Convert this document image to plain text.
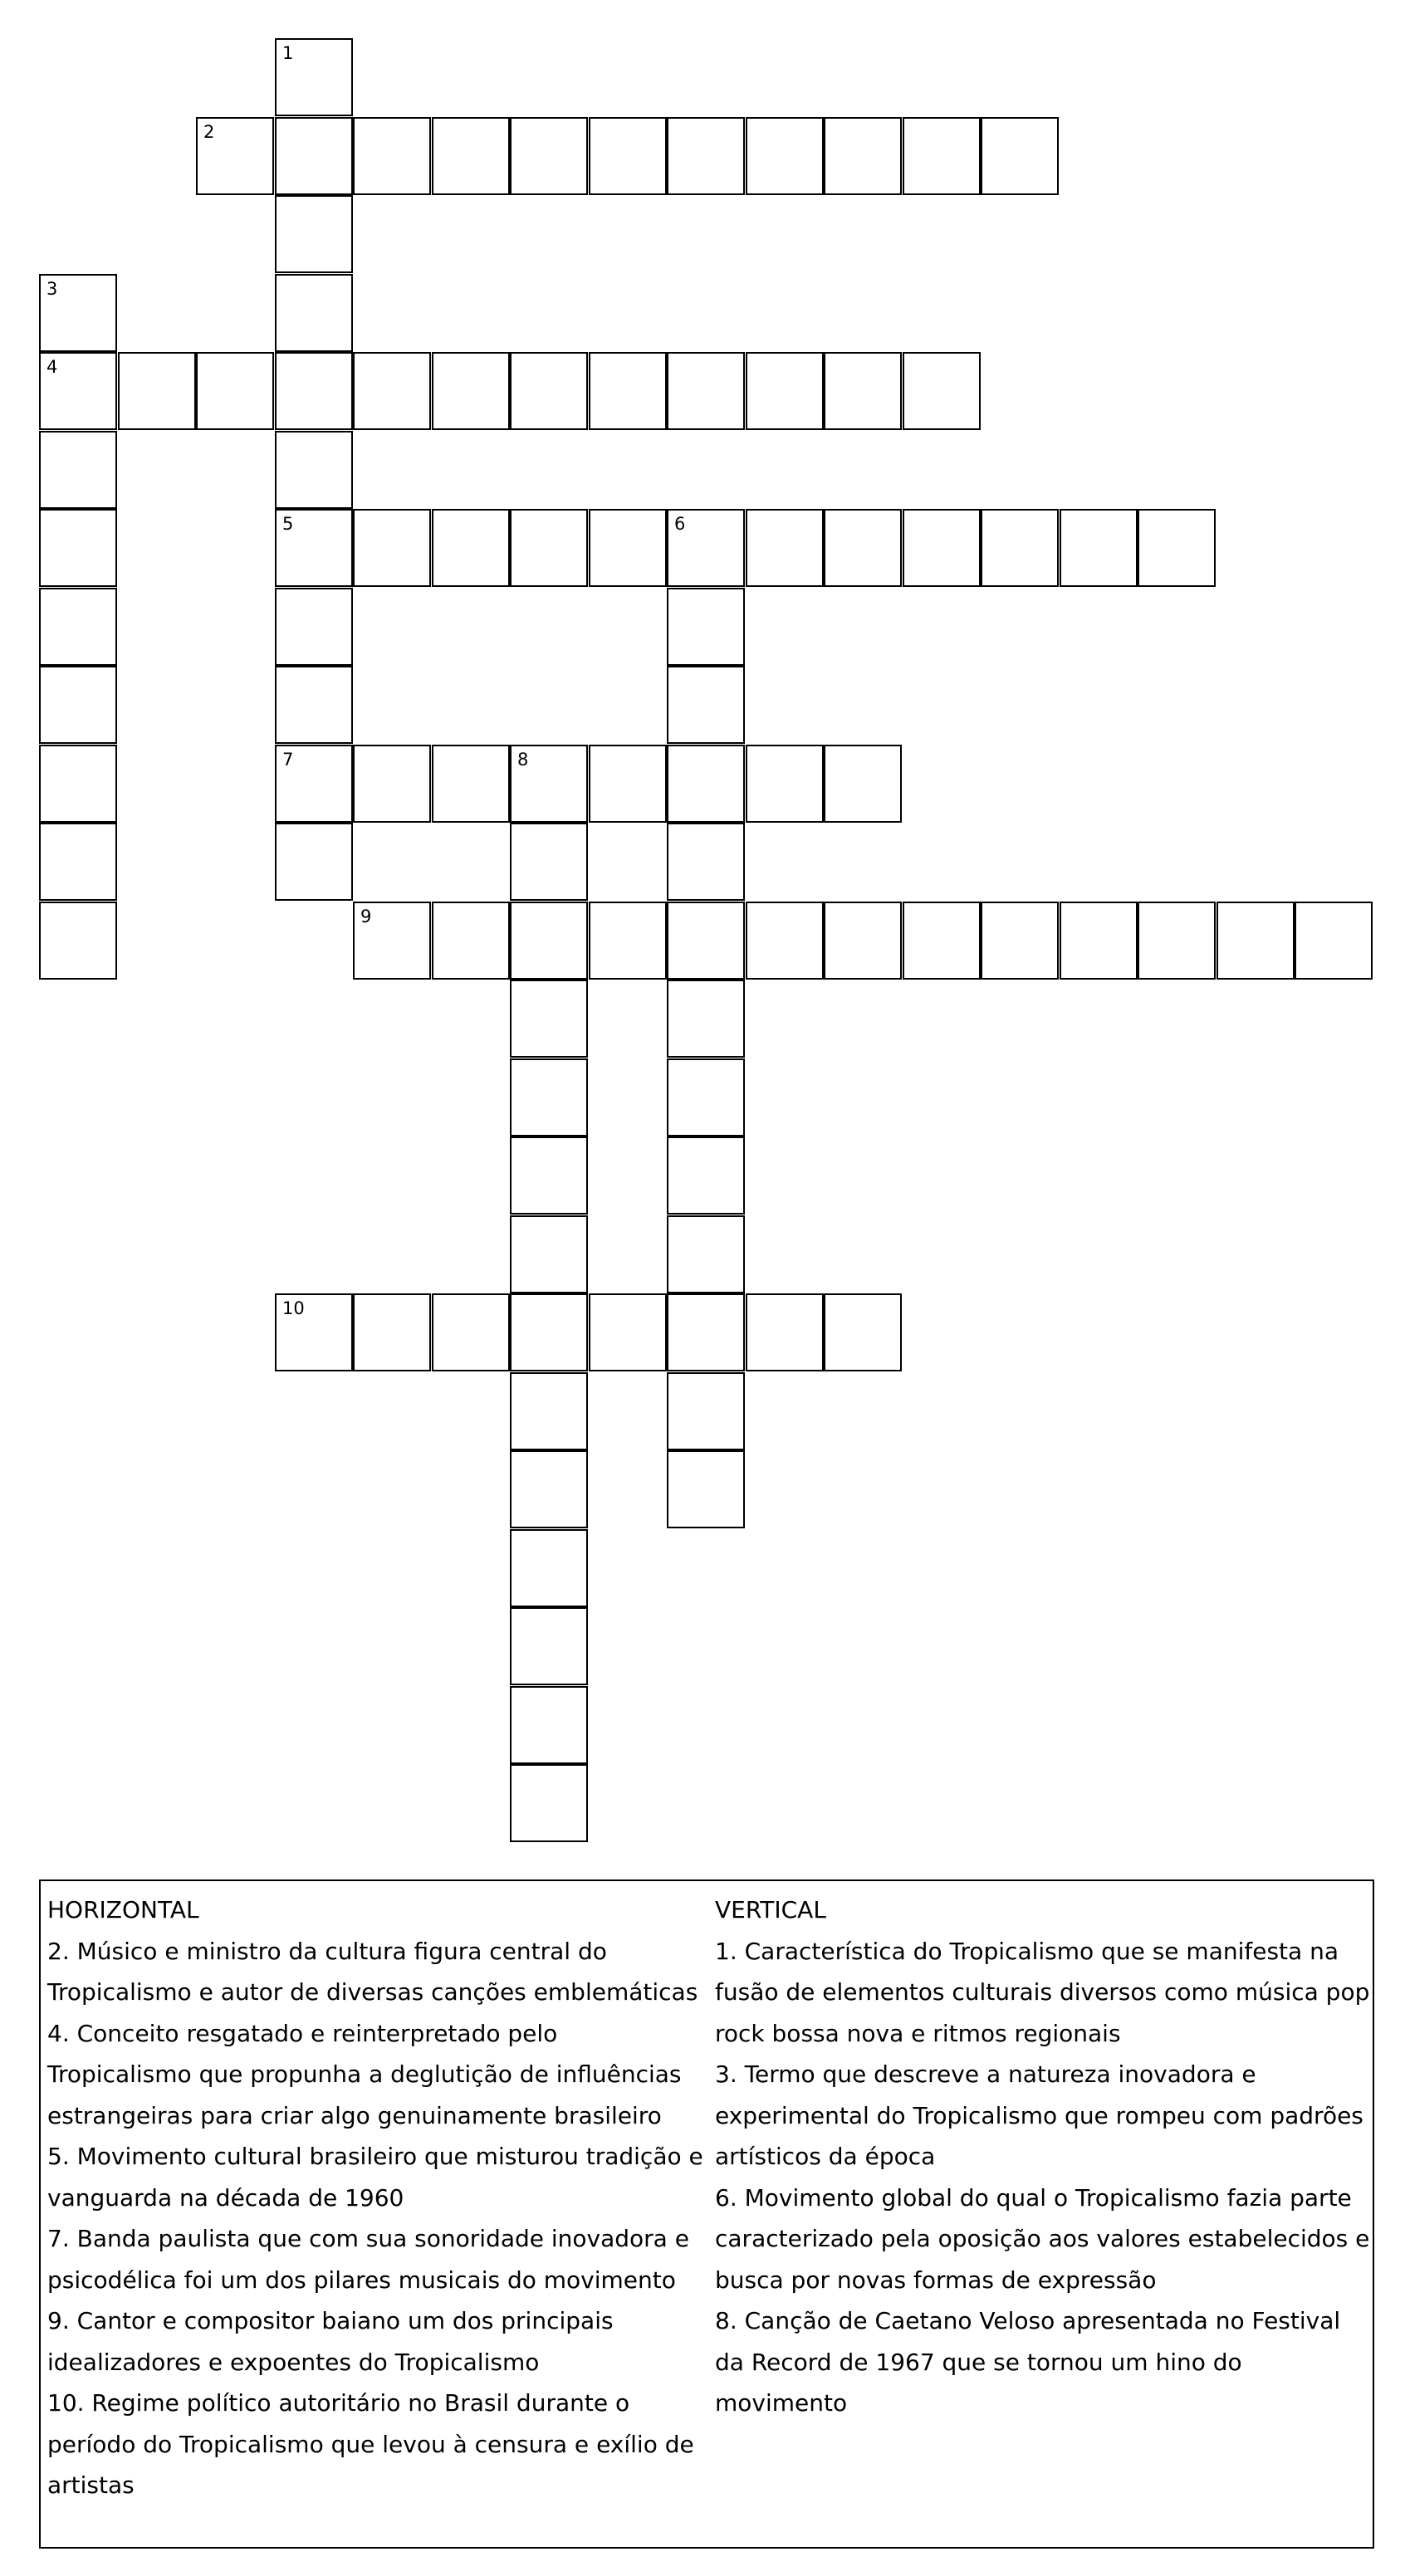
1
5
7
2
3
4
6
8
9
10
HORIZONTAL
2. Músico e ministro da cultura figura central do Tropicalismo e autor de diversas canções emblemáticas
4. Conceito resgatado e reinterpretado pelo Tropicalismo que propunha a deglutição de influências estrangeiras para criar algo genuinamente brasileiro
5. Movimento cultural brasileiro que misturou tradição e vanguarda na década de 1960
7. Banda paulista que com sua sonoridade inovadora e psicodélica foi um dos pilares musicais do movimento
9. Cantor e compositor baiano um dos principais idealizadores e expoentes do Tropicalismo
10. Regime político autoritário no Brasil durante o período do Tropicalismo que levou à censura e exílio de artistas
VERTICAL
1. Característica do Tropicalismo que se manifesta na fusão de elementos culturais diversos como música pop rock bossa nova e ritmos regionais
3. Termo que descreve a natureza inovadora e experimental do Tropicalismo que rompeu com padrões artísticos da época
6. Movimento global do qual o Tropicalismo fazia parte caracterizado pela oposição aos valores estabelecidos e busca por novas formas de expressão
8. Canção de Caetano Veloso apresentada no Festival da Record de 1967 que se tornou um hino do movimento
